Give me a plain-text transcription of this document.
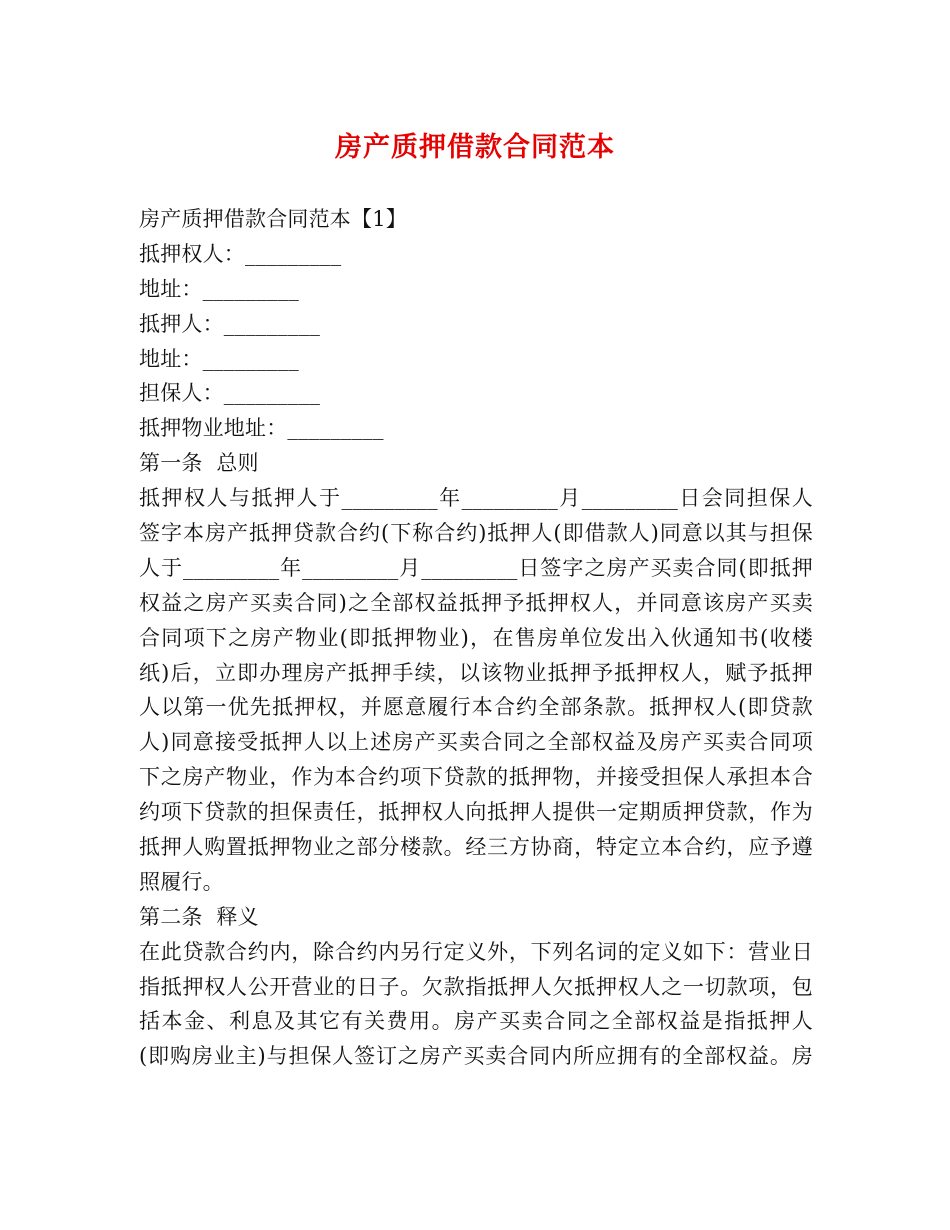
房产质押借款合同范本
房产质押借款合同范本【1】
抵押权人：_________
地址：_________
抵押人：_________
地址：_________
担保人：_________
抵押物业地址：_________
第一条  总则
抵押权人与抵押人于_________年_________月_________日会同担保人
签字本房产抵押贷款合约(下称合约)抵押人(即借款人)同意以其与担保
人于_________年_________月_________日签字之房产买卖合同(即抵押
权益之房产买卖合同)之全部权益抵押予抵押权人，并同意该房产买卖
合同项下之房产物业(即抵押物业)，在售房单位发出入伙通知书(收楼
纸)后，立即办理房产抵押手续，以该物业抵押予抵押权人，赋予抵押
人以第一优先抵押权，并愿意履行本合约全部条款。抵押权人(即贷款
人)同意接受抵押人以上述房产买卖合同之全部权益及房产买卖合同项
下之房产物业，作为本合约项下贷款的抵押物，并接受担保人承担本合
约项下贷款的担保责任，抵押权人向抵押人提供一定期质押贷款，作为
抵押人购置抵押物业之部分楼款。经三方协商，特定立本合约，应予遵
照履行。
第二条  释义
在此贷款合约内，除合约内另行定义外，下列名词的定义如下：营业日
指抵押权人公开营业的日子。欠款指抵押人欠抵押权人之一切款项，包
括本金、利息及其它有关费用。房产买卖合同之全部权益是指抵押人
(即购房业主)与担保人签订之房产买卖合同内所应拥有的全部权益。房
